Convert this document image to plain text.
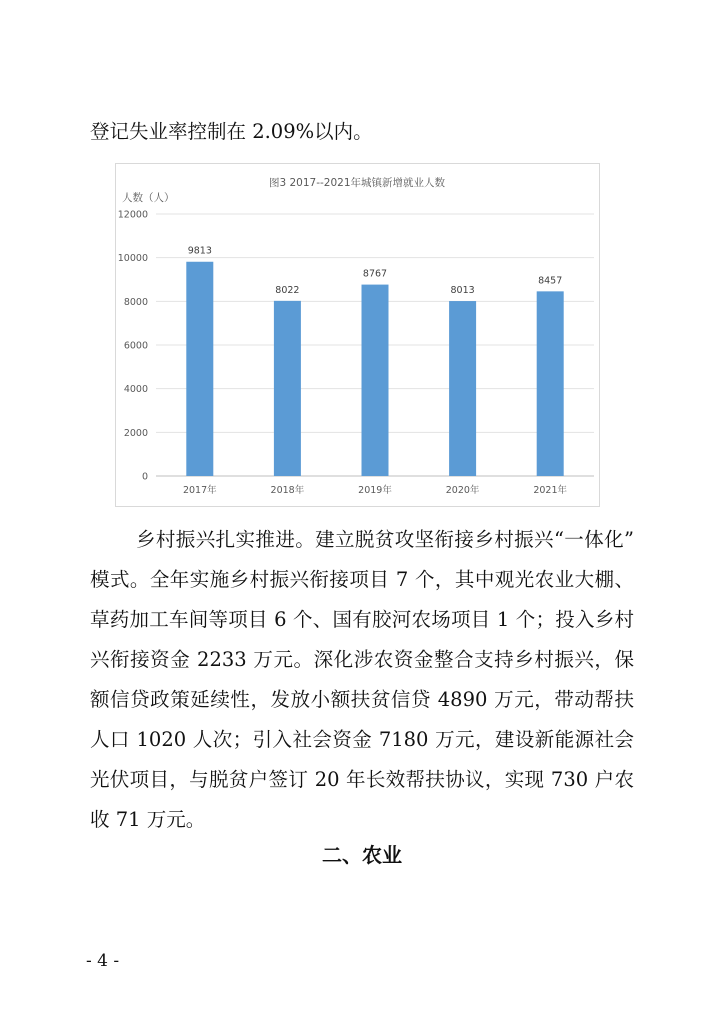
登记失业率控制在 2.09%以内。
图3 2017--2021年城镇新增就业人数
人数（人）
0
2000
4000
6000
8000
10000
12000
9813
8022
8767
8013
8457
2017年	2018年	2019年	2020年	2021年
乡村振兴扎实推进。建立脱贫攻坚衔接乡村振兴“一体化”
模式。全年实施乡村振兴衔接项目 7 个，其中观光农业大棚、
草药加工车间等项目 6 个、国有胶河农场项目 1 个；投入乡村
兴衔接资金 2233 万元。深化涉农资金整合支持乡村振兴，保
额信贷政策延续性，发放小额扶贫信贷 4890 万元，带动帮扶
人口 1020 人次；引入社会资金 7180 万元，建设新能源社会
光伏项目，与脱贫户签订 20 年长效帮扶协议，实现 730 户农
收 71 万元。
二、农业
- 4 -
